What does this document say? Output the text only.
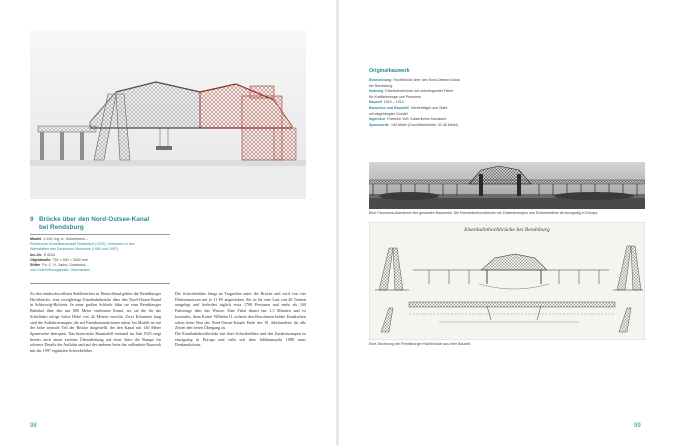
9 Brücke über den Nord-Ostsee-Kanal
bei Rendsburg
Modell 1:100, Ing. A. Schuhmann –
Rheinische Modellbauanstalt Düsseldorf (1925); Umbauten in den
Werkstätten des Deutschen Museums (1959 und 1997)
Inv.-Nr. 5 4244
Objektmaße 750 × 400 × 3400 mm
Stifter Fa. C. H. Jucho, Dortmund,
und Gutehoffnungshütte, Oberhausen

Zu den eindrucksvollsten Stahlbrücken in Deutschland gehört die Rendsburger Hochbrücke, eine zweigleisige Eisenbahnbrücke über den Nord-Ostsee-Kanal in Schleswig-Holstein. In einer großen Schleife führt sie vom Rendsburger Bahnhof über den nur 800 Meter entfernten Kanal, wo sie die für die Schifffahrt nötige lichte Höhe von 42 Metern erreicht. Zwei Kilometer lang sind die Auffahrtsrampen, die auf Eisenkonstruktionen ruhen. Im Modell ist nur der hohe zentrale Teil der Brücke dargestellt, der den Kanal mit 140 Meter Spannweite überquert. Das historische Baumodell entstand im Jahr 1925 zeigt bereits auch einen zweiten Überarbeitung auf einer Seite die Rampe für schwere Details der Auffahrt und auf der anderen Seite das vollendete Bauwerk mit der 1997 ergänzten Schwebefähre.

Die Schwebefähre hängt an Tragseilen unter der Brücke und wird von vier Elektromotoren mit je 11 PS angetrieben. Sie ist für eine Last von 40 Tonnen ausgelegt und befördert täglich etwa 1700 Personen und mehr als 100 Fahrzeuge über das Wasser. Eine Fahrt dauert nur 1,5 Minuten und ist kostenlos, denn Kaiser Wilhelm II. sicherte den Bewohnern beider Kanalseiten schon beim Bau des Nord-Ostsee-Kanals Ende des 19. Jahrhunderts für alle Zeiten den freien Übergang zu.
Die Eisenbahnhochbrücke mit ihrer Schwebefähre und den Zufahrtsrampen ist einzigartig in Europa und steht seit dem Jubiläumsjahr 1988 unter Denkmalschutz.

98
Originalbauwerk
Bezeichnung Hochbrücke über den Nord-Ostsee-Kanal
bei Rendsburg
Nutzung Eisenbahnbrücke mit unterliegender Fähre
für Kraftfahrzeuge und Personen
Bauzeit 1910 – 1913
Bauweise und Baustoff Gerberträger aus Stahl
mit abgehängter Gondel
Ingenieur Friedrich Voß, Kaiserliches Kanalamt
Spannweite 140 Meter (Durchfahrtshöhe: 42,48 Meter)
Eine Panorama-Aufnahme des gesamten Bauwerks: Die Eisenbahnhochbrücke mit Zufahrtsrampen und Schwebefähre ist einzigartig in Europa.
Eisenbahnhochbrücke bei Rendsburg
Eine Zeichnung der Rendsburger Hochbrücke aus ihrer Bauzeit.
99
